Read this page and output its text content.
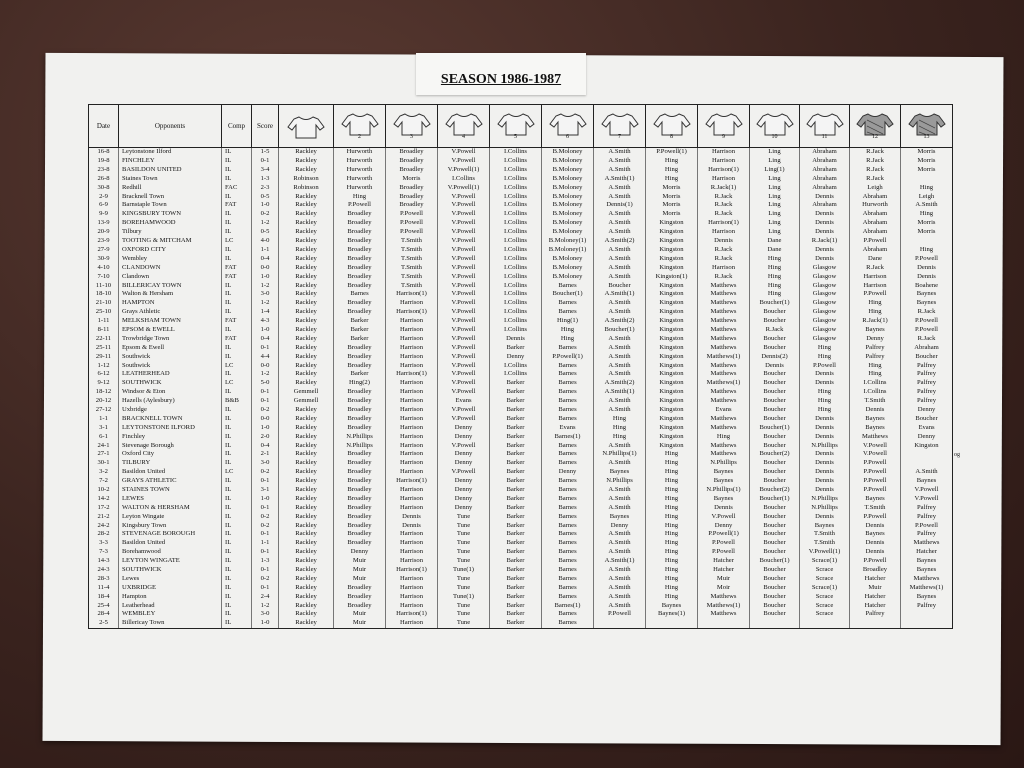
SEASON 1986-1987
Date	Opponents	Comp	Score		2	3	4	5	6	7	8	9	10	11	12	13

16-8	Leytonstone Ilford	IL	1-5	Rackley	Hurworth	Broadley	V.Powell	I.Collins	B.Moloney	A.Smith	P.Powell(1)	Harrison	Ling	Abraham	R.Jack	Morris
19-8	FINCHLEY	IL	0-1	Rackley	Hurworth	Broadley	V.Powell	I.Collins	B.Moloney	A.Smith	Hing	Harrison	Ling	Abraham	R.Jack	Morris
23-8	BASILDON UNITED	IL	3-4	Rackley	Hurworth	Broadley	V.Powell(1)	I.Collins	B.Moloney	A.Smith	Hing	Harrison(1)	Ling(1)	Abraham	R.Jack	Morris
26-8	Staines Town	IL	1-3	Robinson	Hurworth	Morris	I.Collins	I.Collins	B.Moloney	A.Smith(1)	Hing	Harrison	Ling	Abraham	R.Jack	
30-8	Redhill	FAC	2-3	Robinson	Hurworth	Broadley	V.Powell(1)	I.Collins	B.Moloney	A.Smith	Morris	R.Jack(1)	Ling	Abraham	Leigh	Hing
2-9	Bracknell Town	IL	0-5	Rackley	Hing	Broadley	V.Powell	I.Collins	B.Moloney	A.Smith	Morris	R.Jack	Ling	Dennis	Abraham	Leigh
6-9	Barnstaple Town	FAT	1-0	Rackley	P.Powell	Broadley	V.Powell	I.Collins	B.Moloney	Dennis(1)	Morris	R.Jack	Ling	Abraham	Hurworth	A.Smith
9-9	KINGSBURY TOWN	IL	0-2	Rackley	Broadley	P.Powell	V.Powell	I.Collins	B.Moloney	A.Smith	Morris	R.Jack	Ling	Dennis	Abraham	Hing
13-9	BOREHAMWOOD	IL	1-2	Rackley	Broadley	P.Powell	V.Powell	I.Collins	B.Moloney	A.Smith	Kingston	Harrison(1)	Ling	Dennis	Abraham	Morris
20-9	Tilbury	IL	0-5	Rackley	Broadley	P.Powell	V.Powell	I.Collins	B.Moloney	A.Smith	Kingston	Harrison	Ling	Dennis	Abraham	Morris
23-9	TOOTING & MITCHAM	LC	4-0	Rackley	Broadley	T.Smith	V.Powell	I.Collins	B.Moloney(1)	A.Smith(2)	Kingston	Dennis	Dane	R.Jack(1)	P.Powell	
27-9	OXFORD CITY	IL	1-1	Rackley	Broadley	T.Smith	V.Powell	I.Collins	B.Moloney(1)	A.Smith	Kingston	R.Jack	Dane	Dennis	Abraham	Hing
30-9	Wembley	IL	0-4	Rackley	Broadley	T.Smith	V.Powell	I.Collins	B.Moloney	A.Smith	Kingston	R.Jack	Hing	Dennis	Dane	P.Powell
4-10	CLANDOWN	FAT	0-0	Rackley	Broadley	T.Smith	V.Powell	I.Collins	B.Moloney	A.Smith	Kingston	Harrison	Hing	Glasgow	R.Jack	Dennis
7-10	Clandown	FAT	1-0	Rackley	Broadley	T.Smith	V.Powell	I.Collins	B.Moloney	A.Smith	Kingston(1)	R.Jack	Hing	Glasgow	Harrison	Dennis
11-10	BILLERICAY TOWN	IL	1-2	Rackley	Broadley	T.Smith	V.Powell	I.Collins	Barnes	Boucher	Kingston	Matthews	Hing	Glasgow	Harrison	Boahene
18-10	Walton & Hersham	IL	3-0	Rackley	Barnes	Harrison(1)	V.Powell	I.Collins	Boucher(1)	A.Smith(1)	Kingston	Matthews	Hing	Glasgow	P.Powell	Baynes
21-10	HAMPTON	IL	1-2	Rackley	Broadley	Harrison	V.Powell	I.Collins	Barnes	A.Smith	Kingston	Matthews	Boucher(1)	Glasgow	Hing	Baynes
25-10	Grays Athletic	IL	1-4	Rackley	Broadley	Harrison(1)	V.Powell	I.Collins	Barnes	A.Smith	Kingston	Matthews	Boucher	Glasgow	Hing	R.Jack
1-11	MELKSHAM TOWN	FAT	4-3	Rackley	Barker	Harrison	V.Powell	I.Collins	Hing(1)	A.Smith(2)	Kingston	Matthews	Boucher	Glasgow	R.Jack(1)	P.Powell
8-11	EPSOM & EWELL	IL	1-0	Rackley	Barker	Harrison	V.Powell	I.Collins	Hing	Boucher(1)	Kingston	Matthews	R.Jack	Glasgow	Baynes	P.Powell
22-11	Trowbridge Town	FAT	0-4	Rackley	Barker	Harrison	V.Powell	Dennis	Hing	A.Smith	Kingston	Matthews	Boucher	Glasgow	Denny	R.Jack
25-11	Epsom & Ewell	IL	0-1	Rackley	Broadley	Harrison	V.Powell	Barker	Barnes	A.Smith	Kingston	Matthews	Boucher	Hing	Palfrey	Abraham
29-11	Southwick	IL	4-4	Rackley	Broadley	Harrison	V.Powell	Denny	P.Powell(1)	A.Smith	Kingston	Matthews(1)	Dennis(2)	Hing	Palfrey	Boucher
1-12	Southwick	LC	0-0	Rackley	Broadley	Harrison	V.Powell	I.Collins	Barnes	A.Smith	Kingston	Matthews	Dennis	P.Powell	Hing	Palfrey
6-12	LEATHERHEAD	IL	1-2	Rackley	Barker	Harrison(1)	V.Powell	I.Collins	Barnes	A.Smith	Kingston	Matthews	Boucher	Dennis	Hing	Palfrey
9-12	SOUTHWICK	LC	5-0	Rackley	Hing(2)	Harrison	V.Powell	Barker	Barnes	A.Smith(2)	Kingston	Matthews(1)	Boucher	Dennis	I.Collins	Palfrey
18-12	Windsor & Eton	IL	0-1	Gemmell	Broadley	Harrison	V.Powell	Barker	Barnes	A.Smith(1)	Kingston	Matthews	Boucher	Hing	I.Collins	Palfrey
20-12	Hazells (Aylesbury)	B&B	0-1	Gemmell	Broadley	Harrison	Evans	Barker	Barnes	A.Smith	Kingston	Matthews	Boucher	Hing	T.Smith	Palfrey
27-12	Uxbridge	IL	0-2	Rackley	Broadley	Harrison	V.Powell	Barker	Barnes	A.Smith	Kingston	Evans	Boucher	Hing	Dennis	Denny
1-1	BRACKNELL TOWN	IL	0-0	Rackley	Broadley	Harrison	V.Powell	Barker	Barnes	Hing	Kingston	Matthews	Boucher	Dennis	Baynes	Boucher
3-1	LEYTONSTONE ILFORD	IL	1-0	Rackley	Broadley	Harrison	Denny	Barker	Evans	Hing	Kingston	Matthews	Boucher(1)	Dennis	Baynes	Evans
6-1	Finchley	IL	2-0	Rackley	N.Phillips	Harrison	Denny	Barker	Barnes(1)	Hing	Kingston	Hing	Boucher	Dennis	Matthews	Denny
24-1	Stevenage Borough	IL	0-4	Rackley	N.Phillips	Harrison	V.Powell	Barker	Barnes	A.Smith	Kingston	Matthews	Boucher	N.Phillips	V.Powell	Kingston
27-1	Oxford City	IL	2-1	Rackley	Broadley	Harrison	Denny	Barker	Barnes	N.Phillips(1)	Hing	Matthews	Boucher(2)	Dennis	V.Powell	
30-1	TILBURY	IL	3-0	Rackley	Broadley	Harrison	Denny	Barker	Barnes	A.Smith	Hing	N.Phillips	Boucher	Dennis	P.Powell	
3-2	Basildon United	LC	0-2	Rackley	Broadley	Harrison	V.Powell	Barker	Denny	Baynes	Hing	Baynes	Boucher	Dennis	P.Powell	A.Smith
7-2	GRAYS ATHLETIC	IL	0-1	Rackley	Broadley	Harrison(1)	Denny	Barker	Barnes	N.Phillips	Hing	Baynes	Boucher	Dennis	P.Powell	Baynes
10-2	STAINES TOWN	IL	3-1	Rackley	Broadley	Harrison	Denny	Barker	Barnes	A.Smith	Hing	N.Phillips(1)	Boucher(2)	Dennis	P.Powell	V.Powell
14-2	LEWES	IL	1-0	Rackley	Broadley	Harrison	Denny	Barker	Barnes	A.Smith	Hing	Baynes	Boucher(1)	N.Phillips	Baynes	V.Powell
17-2	WALTON & HERSHAM	IL	0-1	Rackley	Broadley	Harrison	Denny	Barker	Barnes	A.Smith	Hing	Dennis	Boucher	N.Phillips	T.Smith	Palfrey
21-2	Leyton Wingate	IL	0-2	Rackley	Broadley	Dennis	Tune	Barker	Barnes	Baynes	Hing	V.Powell	Boucher	Dennis	P.Powell	Palfrey
24-2	Kingsbury Town	IL	0-2	Rackley	Broadley	Dennis	Tune	Barker	Barnes	Denny	Hing	Denny	Boucher	Baynes	Dennis	P.Powell
28-2	STEVENAGE BOROUGH	IL	0-1	Rackley	Broadley	Harrison	Tune	Barker	Barnes	A.Smith	Hing	P.Powell(1)	Boucher	T.Smith	Baynes	Palfrey
3-3	Basildon United	IL	1-1	Rackley	Broadley	Harrison	Tune	Barker	Barnes	A.Smith	Hing	P.Powell	Boucher	T.Smith	Dennis	Matthews
7-3	Borehamwood	IL	0-1	Rackley	Denny	Harrison	Tune	Barker	Barnes	A.Smith	Hing	P.Powell	Boucher	V.Powell(1)	Dennis	Hatcher
14-3	LEYTON WINGATE	IL	1-3	Rackley	Muir	Harrison	Tune	Barker	Barnes	A.Smith(1)	Hing	Hatcher	Boucher(1)	Scrace(1)	P.Powell	Baynes
24-3	SOUTHWICK	IL	0-1	Rackley	Muir	Harrison(1)	Tune(1)	Barker	Barnes	A.Smith	Hing	Hatcher	Boucher	Scrace	Broadley	Baynes
28-3	Lewes	IL	0-2	Rackley	Muir	Harrison	Tune	Barker	Barnes	A.Smith	Hing	Muir	Boucher	Scrace	Hatcher	Matthews
11-4	UXBRIDGE	IL	0-1	Rackley	Broadley	Harrison	Tune	Barker	Barnes	A.Smith	Hing	Moir	Boucher	Scrace(1)	Muir	Matthews(1)
18-4	Hampton	IL	2-4	Rackley	Broadley	Harrison	Tune(1)	Barker	Barnes	A.Smith	Hing	Matthews	Boucher	Scrace	Hatcher	Baynes
25-4	Leatherhead	IL	1-2	Rackley	Broadley	Harrison	Tune	Barker	Barnes(1)	A.Smith	Baynes	Matthews(1)	Boucher	Scrace	Hatcher	Palfrey
28-4	WEMBLEY	IL	3-0	Rackley	Muir	Harrison(1)	Tune	Barker	Barnes	P.Powell	Baynes(1)	Matthews	Boucher	Scrace	Palfrey	
2-5	Billericay Town	IL	1-0	Rackley	Muir	Harrison	Tune	Barker	Barnes							
og
